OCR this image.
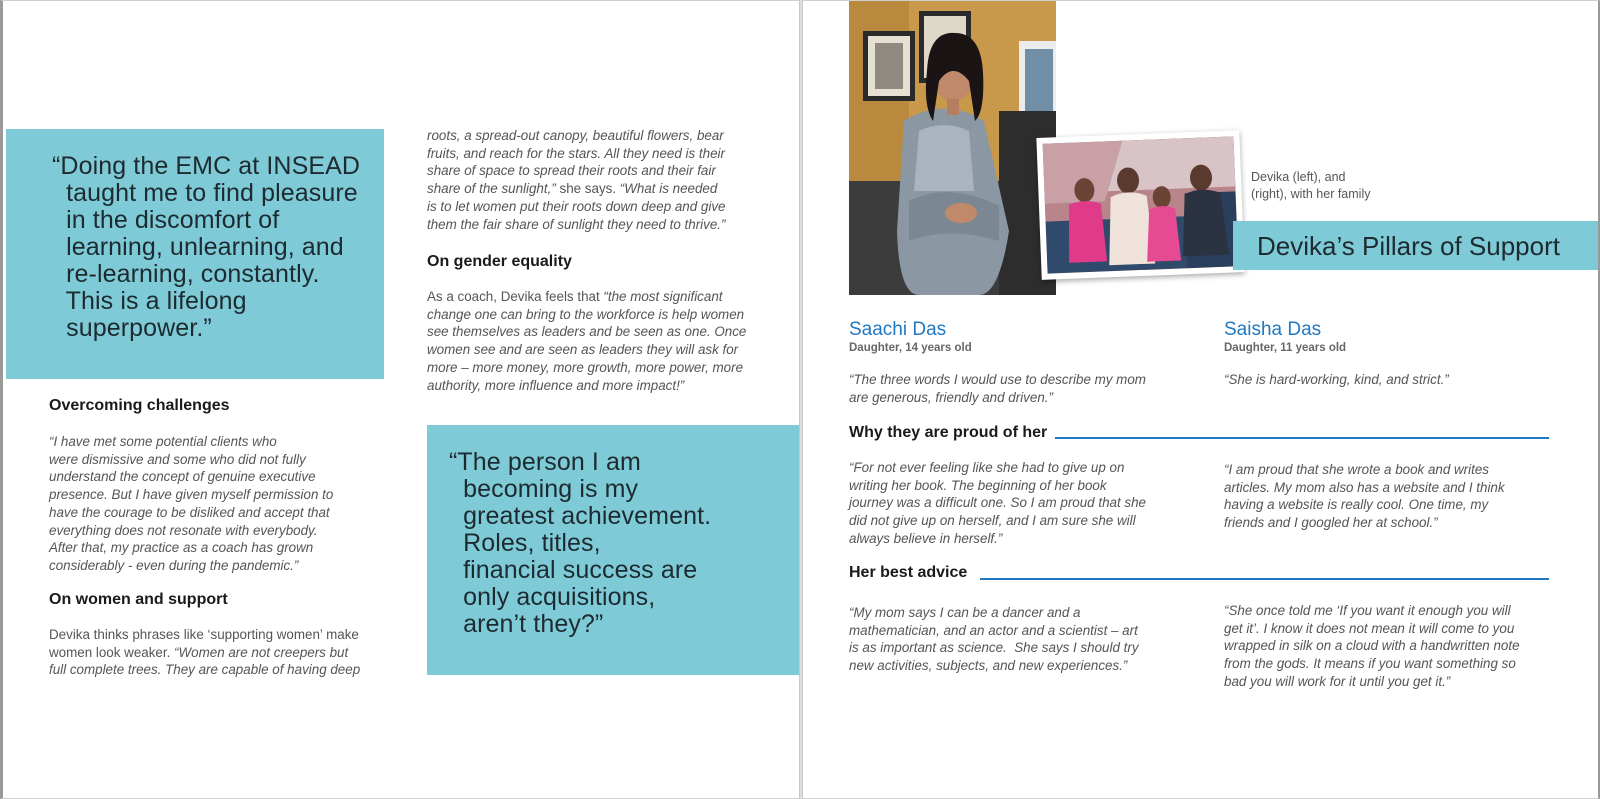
“Doing the EMC at INSEAD
taught me to find pleasure
in the discomfort of
learning, unlearning, and
re-learning, constantly.
This is a lifelong
superpower.”
Overcoming challenges
“I have met some potential clients who
were dismissive and some who did not fully
understand the concept of genuine executive
presence. But I have given myself permission to
have the courage to be disliked and accept that
everything does not resonate with everybody.
After that, my practice as a coach has grown
considerably - even during the pandemic.”
On women and support
Devika thinks phrases like ‘supporting women’ make
women look weaker. “Women are not creepers but
full complete trees. They are capable of having deep
roots, a spread-out canopy, beautiful flowers, bear
fruits, and reach for the stars. All they need is their
share of space to spread their roots and their fair
share of the sunlight,” she says. “What is needed
is to let women put their roots down deep and give
them the fair share of sunlight they need to thrive.”
On gender equality
As a coach, Devika feels that “the most significant
change one can bring to the workforce is help women
see themselves as leaders and be seen as one. Once
women see and are seen as leaders they will ask for
more – more money, more growth, more power, more
authority, more influence and more impact!”
“The person I am
becoming is my
greatest achievement.
Roles, titles,
financial success are
only acquisitions,
aren’t they?”
Devika (left), and
(right), with her family
Devika’s Pillars of Support
Saachi Das
Daughter, 14 years old
“The three words I would use to describe my mom
are generous, friendly and driven.”
Saisha Das
Daughter, 11 years old
“She is hard-working, kind, and strict.”
Why they are proud of her
“For not ever feeling like she had to give up on
writing her book. The beginning of her book
journey was a difficult one. So I am proud that she
did not give up on herself, and I am sure she will
always believe in herself.”
“I am proud that she wrote a book and writes
articles. My mom also has a website and I think
having a website is really cool. One time, my
friends and I googled her at school.”
Her best advice
“My mom says I can be a dancer and a
mathematician, and an actor and a scientist – art
is as important as science.  She says I should try
new activities, subjects, and new experiences.”
“She once told me ‘If you want it enough you will
get it’. I know it does not mean it will come to you
wrapped in silk on a cloud with a handwritten note
from the gods. It means if you want something so
bad you will work for it until you get it.”
